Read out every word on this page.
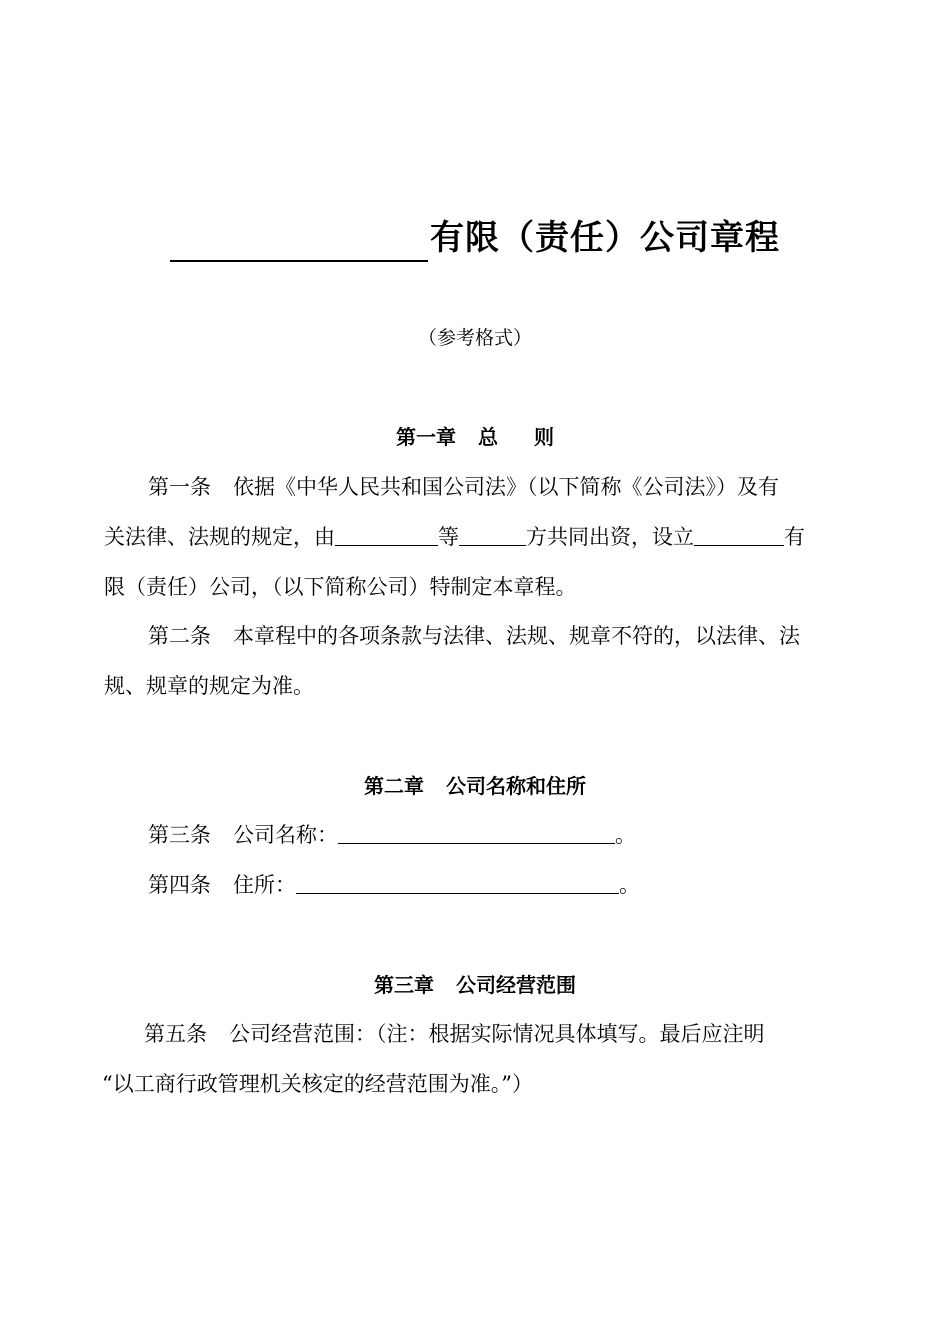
有限（责任）公司章程
（参考格式）
第一章 总 则
第一条 依据《中华人民共和国公司法》（以下简称《公司法》）及有
关法律、法规的规定，由	等	方共同出资，设立	有
限（责任）公司，（以下简称公司）特制定本章程。
第二条 本章程中的各项条款与法律、法规、规章不符的，以法律、法
规、规章的规定为准。
第二章 公司名称和住所
第三条 公司名称：	。
第四条 住所：	。
第三章 公司经营范围
第五条 公司经营范围：（注：根据实际情况具体填写。最后应注明
“以工商行政管理机关核定的经营范围为准。”）
